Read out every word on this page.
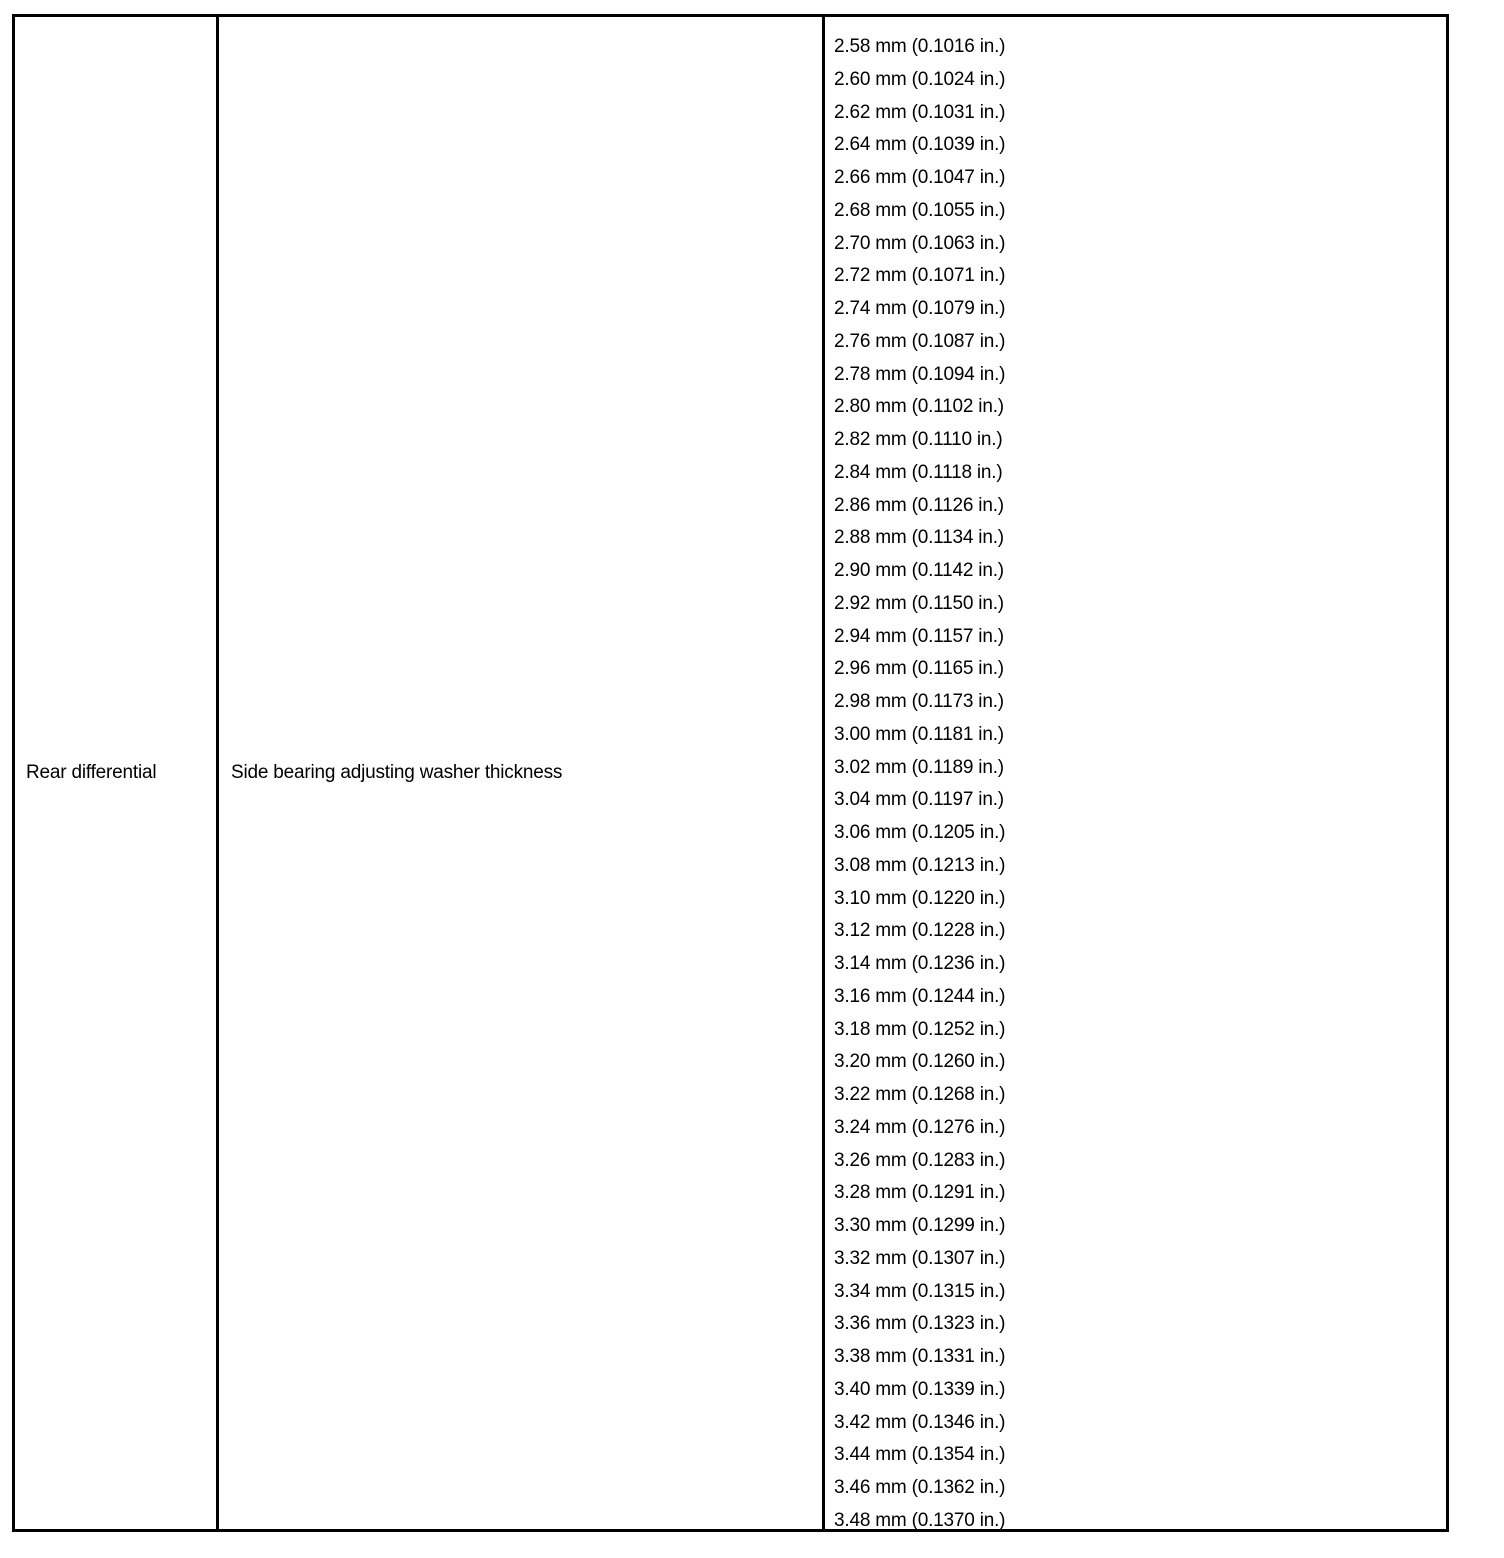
Rear differential	Side bearing adjusting washer thickness
2.58 mm (0.1016 in.)
2.60 mm (0.1024 in.)
2.62 mm (0.1031 in.)
2.64 mm (0.1039 in.)
2.66 mm (0.1047 in.)
2.68 mm (0.1055 in.)
2.70 mm (0.1063 in.)
2.72 mm (0.1071 in.)
2.74 mm (0.1079 in.)
2.76 mm (0.1087 in.)
2.78 mm (0.1094 in.)
2.80 mm (0.1102 in.)
2.82 mm (0.1110 in.)
2.84 mm (0.1118 in.)
2.86 mm (0.1126 in.)
2.88 mm (0.1134 in.)
2.90 mm (0.1142 in.)
2.92 mm (0.1150 in.)
2.94 mm (0.1157 in.)
2.96 mm (0.1165 in.)
2.98 mm (0.1173 in.)
3.00 mm (0.1181 in.)
3.02 mm (0.1189 in.)
3.04 mm (0.1197 in.)
3.06 mm (0.1205 in.)
3.08 mm (0.1213 in.)
3.10 mm (0.1220 in.)
3.12 mm (0.1228 in.)
3.14 mm (0.1236 in.)
3.16 mm (0.1244 in.)
3.18 mm (0.1252 in.)
3.20 mm (0.1260 in.)
3.22 mm (0.1268 in.)
3.24 mm (0.1276 in.)
3.26 mm (0.1283 in.)
3.28 mm (0.1291 in.)
3.30 mm (0.1299 in.)
3.32 mm (0.1307 in.)
3.34 mm (0.1315 in.)
3.36 mm (0.1323 in.)
3.38 mm (0.1331 in.)
3.40 mm (0.1339 in.)
3.42 mm (0.1346 in.)
3.44 mm (0.1354 in.)
3.46 mm (0.1362 in.)
3.48 mm (0.1370 in.)
